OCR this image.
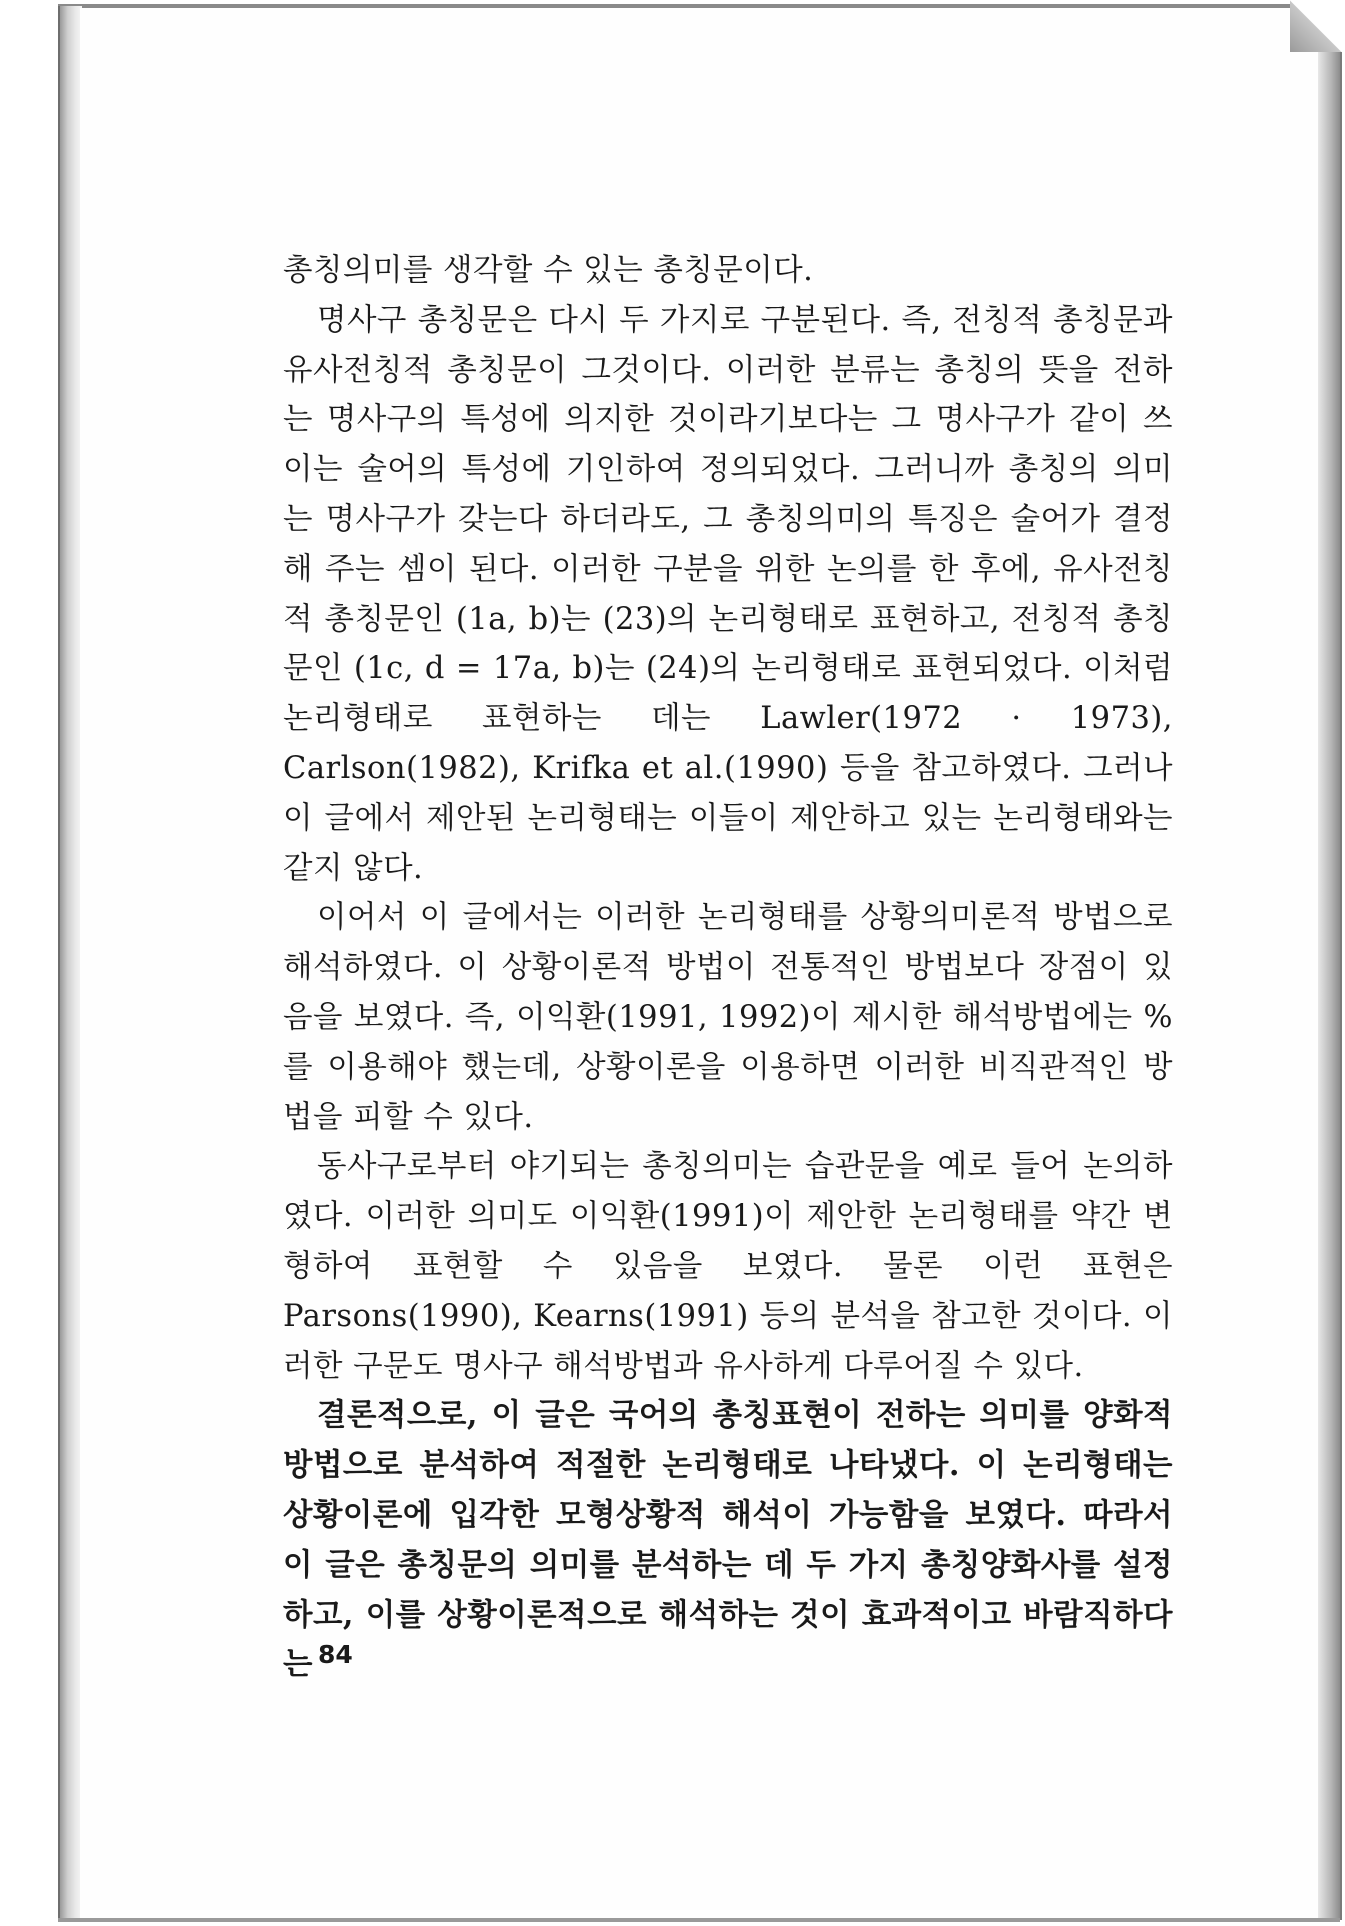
총칭의미를 생각할 수 있는 총칭문이다.

명사구 총칭문은 다시 두 가지로 구분된다. 즉, 전칭적 총칭문과 유사전칭적 총칭문이 그것이다. 이러한 분류는 총칭의 뜻을 전하는 명사구의 특성에 의지한 것이라기보다는 그 명사구가 같이 쓰이는 술어의 특성에 기인하여 정의되었다. 그러니까 총칭의 의미는 명사구가 갖는다 하더라도, 그 총칭의미의 특징은 술어가 결정해 주는 셈이 된다. 이러한 구분을 위한 논의를 한 후에, 유사전칭적 총칭문인 (1a, b)는 (23)의 논리형태로 표현하고, 전칭적 총칭문인 (1c, d = 17a, b)는 (24)의 논리형태로 표현되었다. 이처럼 논리형태로 표현하는 데는 Lawler(1972 · 1973), Carlson(1982), Krifka et al.(1990) 등을 참고하였다. 그러나 이 글에서 제안된 논리형태는 이들이 제안하고 있는 논리형태와는 같지 않다.

이어서 이 글에서는 이러한 논리형태를 상황의미론적 방법으로 해석하였다. 이 상황이론적 방법이 전통적인 방법보다 장점이 있음을 보였다. 즉, 이익환(1991, 1992)이 제시한 해석방법에는 %를 이용해야 했는데, 상황이론을 이용하면 이러한 비직관적인 방법을 피할 수 있다.

동사구로부터 야기되는 총칭의미는 습관문을 예로 들어 논의하였다. 이러한 의미도 이익환(1991)이 제안한 논리형태를 약간 변형하여 표현할 수 있음을 보였다. 물론 이런 표현은 Parsons(1990), Kearns(1991) 등의 분석을 참고한 것이다. 이러한 구문도 명사구 해석방법과 유사하게 다루어질 수 있다.

결론적으로, 이 글은 국어의 총칭표현이 전하는 의미를 양화적 방법으로 분석하여 적절한 논리형태로 나타냈다. 이 논리형태는 상황이론에 입각한 모형상황적 해석이 가능함을 보였다. 따라서 이 글은 총칭문의 의미를 분석하는 데 두 가지 총칭양화사를 설정하고, 이를 상황이론적으로 해석하는 것이 효과적이고 바람직하다는 84
